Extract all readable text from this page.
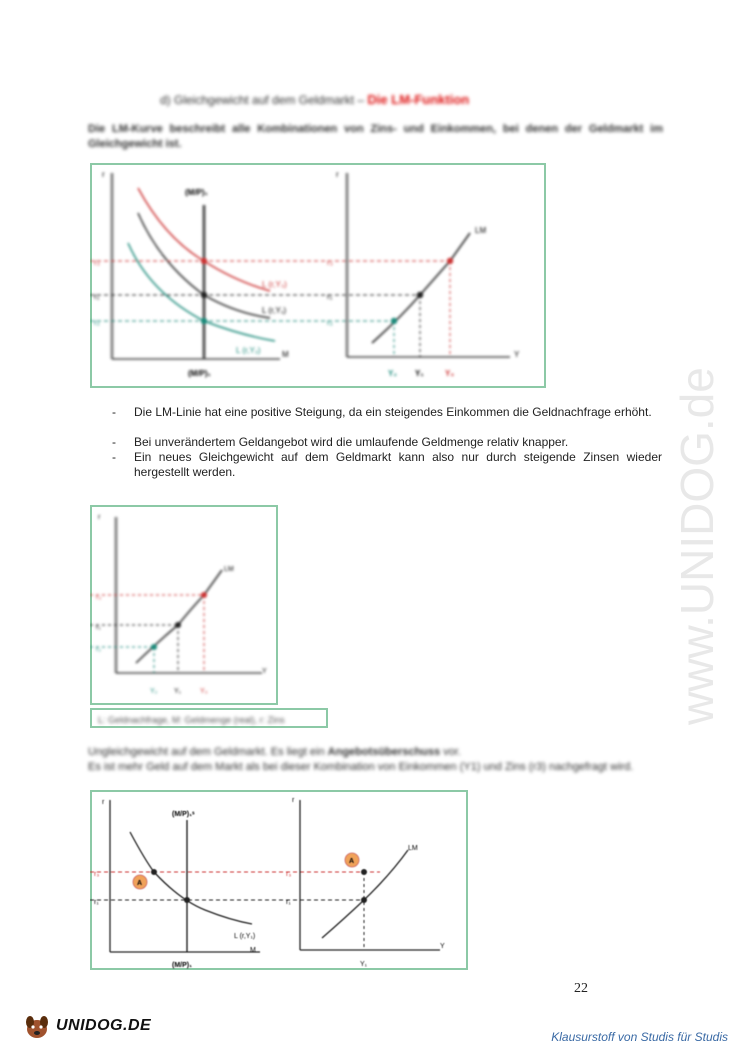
d) Gleichgewicht auf dem Geldmarkt – Die LM-Funktion
Die LM-Kurve beschreibt alle Kombinationen von Zins- und Einkommen, bei denen der Geldmarkt im Gleichgewicht ist.
r
(M/P)₁
r₃
r₁
r₂
L (r,Y₃)
L (r,Y₁)
L (r,Y₂)	M
(M/P)₁
r
LM
r₃
r₁
r₂
Y
Y₂ Y₁	Y₃
-	Die LM-Linie hat eine positive Steigung, da ein steigendes Einkommen die Geldnachfrage erhöht.
-	Bei unverändertem Geldangebot wird die umlaufende Geldmenge relativ knapper.
-	Ein neues Gleichgewicht auf dem Geldmarkt kann also nur durch steigende Zinsen wieder hergestellt werden.
r
LM
r₃
r₁
r₂
Y
Y₂ Y₁	Y₃
L: Geldnachfrage, M: Geldmenge (real), r: Zins
Ungleichgewicht auf dem Geldmarkt. Es liegt ein Angebotsüberschuss vor.
Es ist mehr Geld auf dem Markt als bei dieser Kombination von Einkommen (Y1) und Zins (r3) nachgefragt wird.
r
(M/P)₁ˢ
A
r₃
r₁
L (r,Y₁)
M
(M/P)₁
r
LM
A
r₃
r₁
Y
Y₁
www.UNIDOG.de
22
UNIDOG.DE
Klausurstoff von Studis für Studis
